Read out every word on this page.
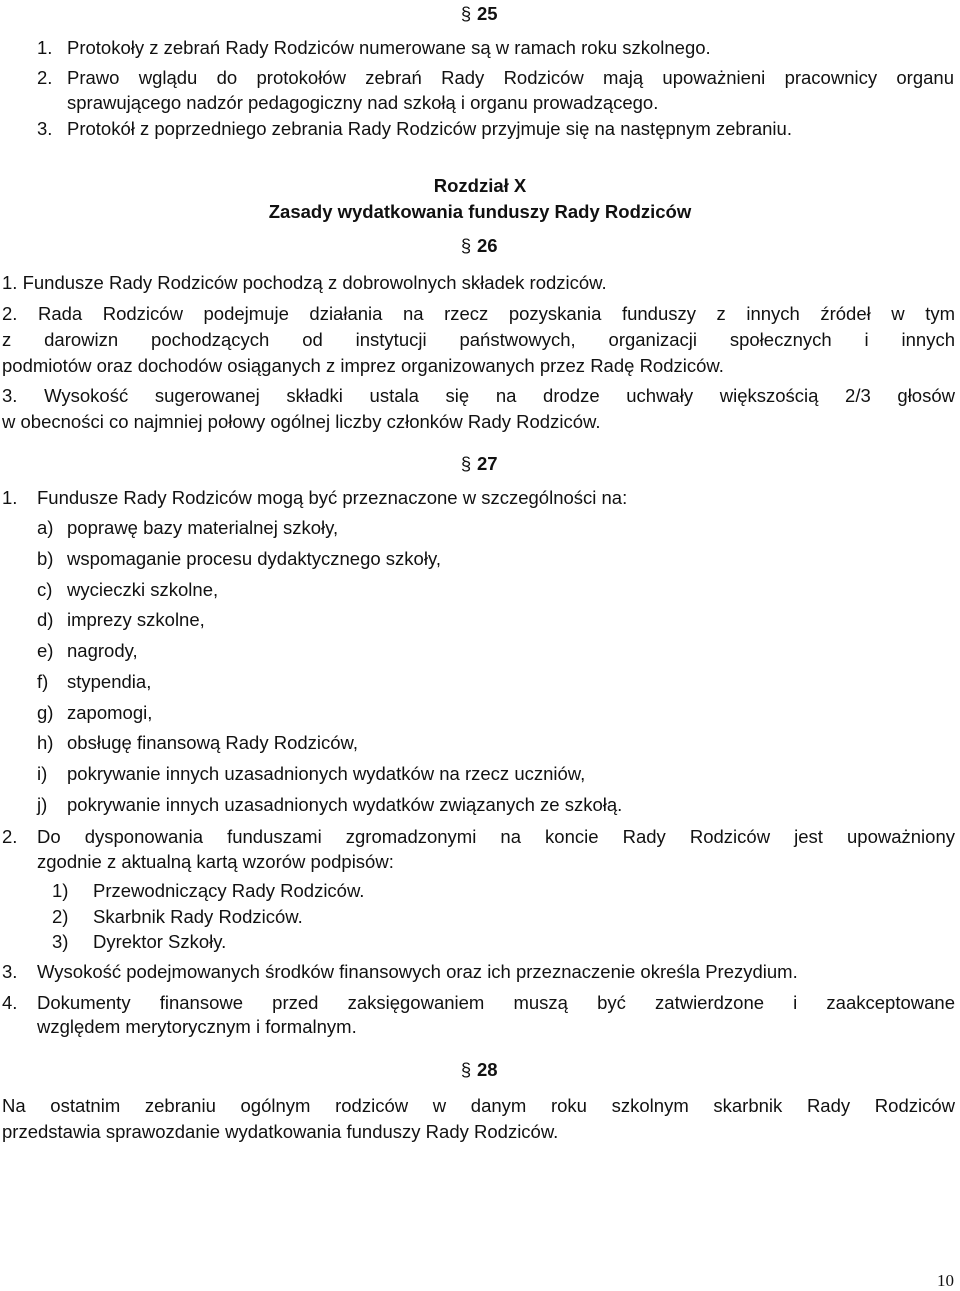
§ 25
1. Protokoły z zebrań Rady Rodziców numerowane są w ramach roku szkolnego.
2. Prawo wglądu do protokołów zebrań Rady Rodziców mają upoważnieni pracownicy organu
sprawującego nadzór pedagogiczny nad szkołą i organu prowadzącego.
3. Protokół z poprzedniego zebrania Rady Rodziców przyjmuje się na następnym zebraniu.
Rozdział X
Zasady wydatkowania funduszy Rady Rodziców
§ 26
1. Fundusze Rady Rodziców pochodzą z dobrowolnych składek rodziców.
2. Rada Rodziców podejmuje działania na rzecz pozyskania funduszy z innych źródeł w tym
z darowizn pochodzących od instytucji państwowych, organizacji społecznych i innych
podmiotów oraz dochodów osiąganych z imprez organizowanych przez Radę Rodziców.
3. Wysokość sugerowanej składki ustala się na drodze uchwały większością 2/3 głosów
w obecności co najmniej połowy ogólnej liczby członków Rady Rodziców.
§ 27
1. Fundusze Rady Rodziców mogą być przeznaczone w szczególności na:
a) poprawę bazy materialnej szkoły,
b) wspomaganie procesu dydaktycznego szkoły,
c) wycieczki szkolne,
d) imprezy szkolne,
e) nagrody,
f) stypendia,
g) zapomogi,
h) obsługę finansową Rady Rodziców,
i) pokrywanie innych uzasadnionych wydatków na rzecz uczniów,
j) pokrywanie innych uzasadnionych wydatków związanych ze szkołą.
2. Do dysponowania funduszami zgromadzonymi na koncie Rady Rodziców jest upoważniony
zgodnie z aktualną kartą wzorów podpisów:
1) Przewodniczący Rady Rodziców.
2) Skarbnik Rady Rodziców.
3) Dyrektor Szkoły.
3. Wysokość podejmowanych środków finansowych oraz ich przeznaczenie określa Prezydium.
4. Dokumenty finansowe przed zaksięgowaniem muszą być zatwierdzone i zaakceptowane
względem merytorycznym i formalnym.
§ 28
Na ostatnim zebraniu ogólnym rodziców w danym roku szkolnym skarbnik Rady Rodziców
przedstawia sprawozdanie wydatkowania funduszy Rady Rodziców.
10
